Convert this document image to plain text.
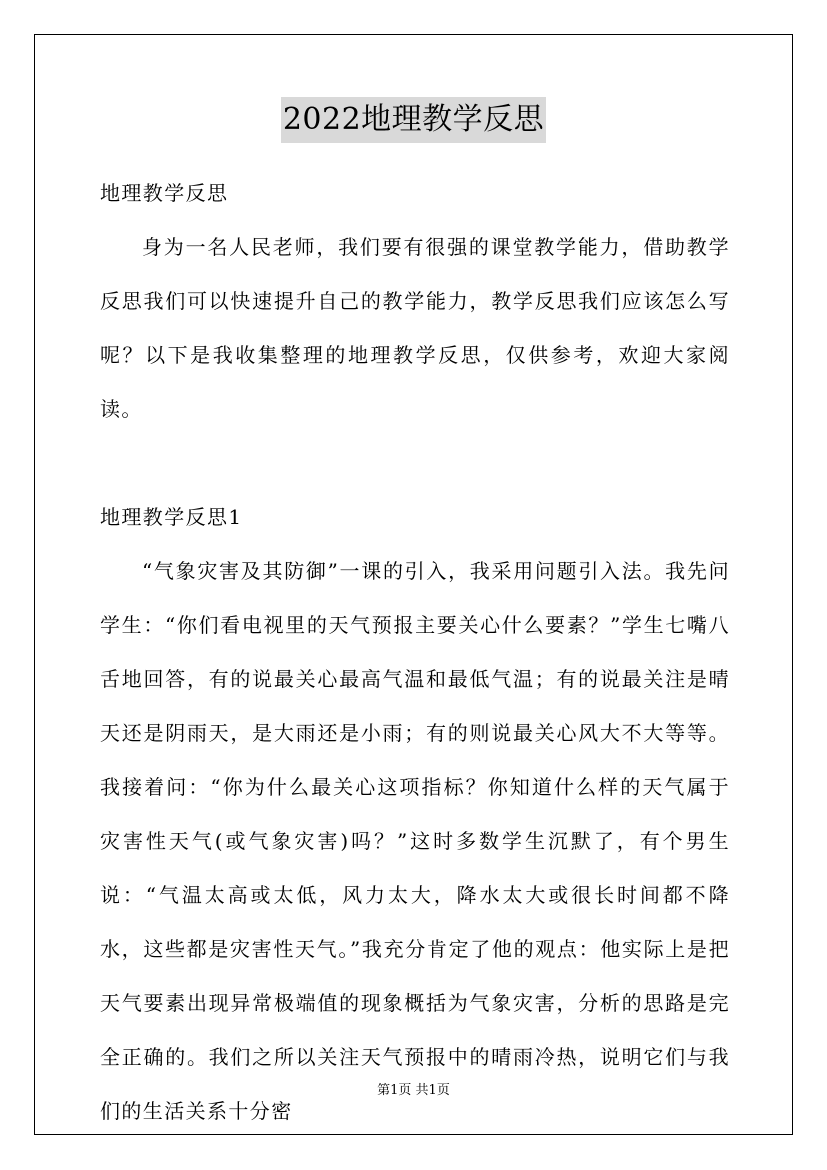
2022地理教学反思

地理教学反思

身为一名人民老师，我们要有很强的课堂教学能力，借助教学反思我们可以快速提升自己的教学能力，教学反思我们应该怎么写呢？以下是我收集整理的地理教学反思，仅供参考，欢迎大家阅读。

地理教学反思1

“气象灾害及其防御”一课的引入，我采用问题引入法。我先问学生：“你们看电视里的天气预报主要关心什么要素？”学生七嘴八舌地回答，有的说最关心最高气温和最低气温；有的说最关注是晴天还是阴雨天，是大雨还是小雨；有的则说最关心风大不大等等。我接着问：“你为什么最关心这项指标？你知道什么样的天气属于灾害性天气(或气象灾害)吗？”这时多数学生沉默了，有个男生说：“气温太高或太低，风力太大，降水太大或很长时间都不降水，这些都是灾害性天气。”我充分肯定了他的观点：他实际上是把天气要素出现异常极端值的现象概括为气象灾害，分析的思路是完全正确的。我们之所以关注天气预报中的晴雨冷热，说明它们与我们的生活关系十分密

第1页 共1页
